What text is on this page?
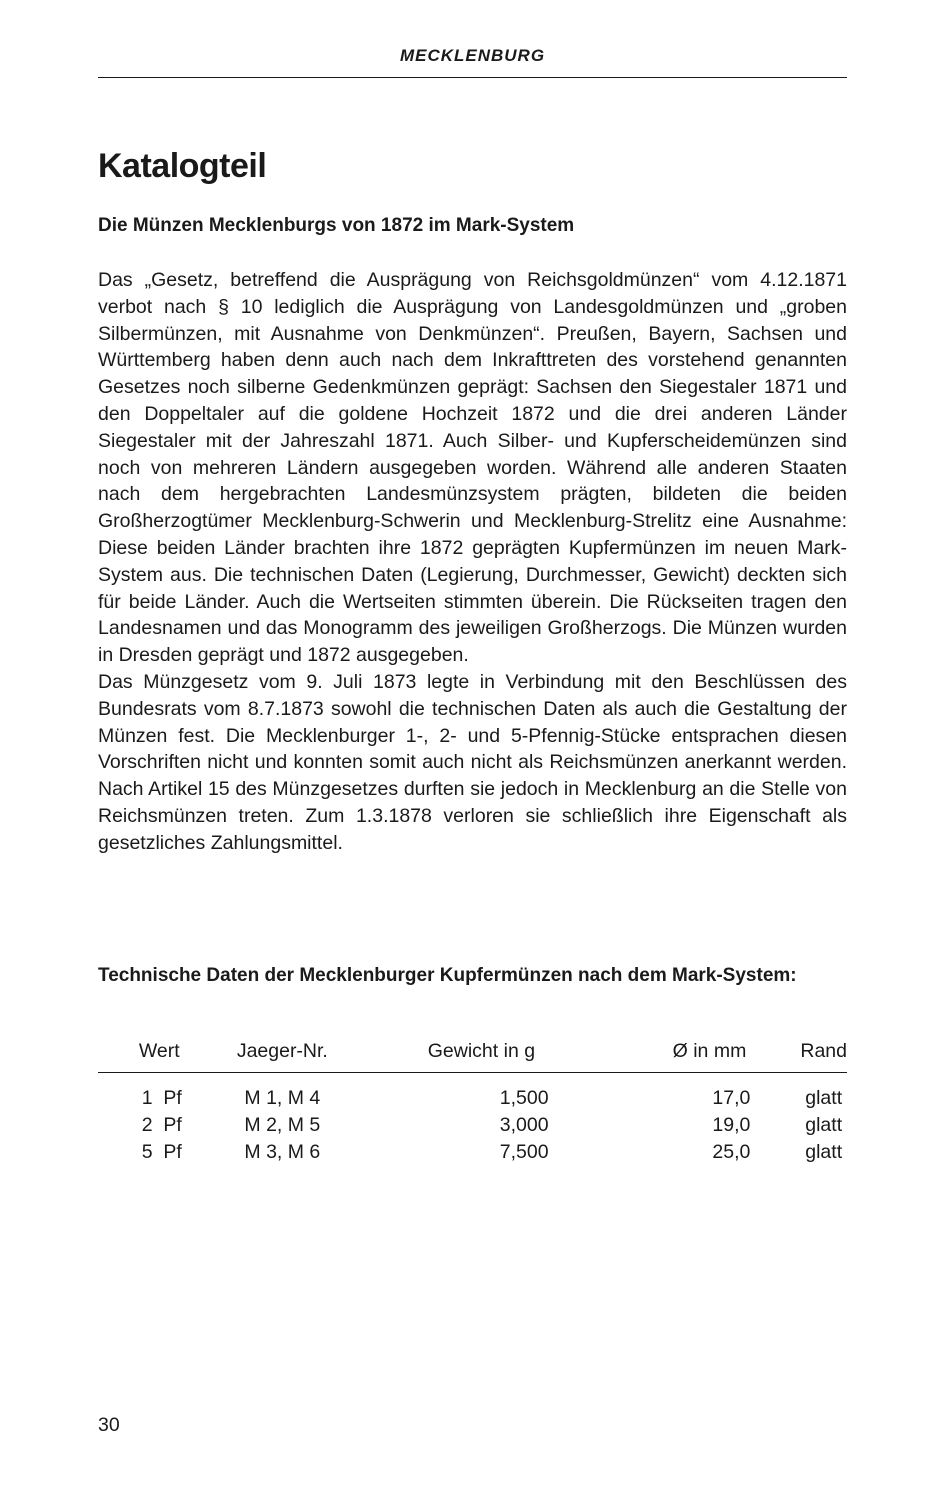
MECKLENBURG
Katalogteil
Die Münzen Mecklenburgs von 1872 im Mark-System

Das „Gesetz, betreffend die Ausprägung von Reichsgoldmünzen“ vom 4.12.1871 verbot nach § 10 lediglich die Ausprägung von Landesgoldmünzen und „groben Silbermünzen, mit Ausnahme von Denkmünzen“. Preußen, Bayern, Sachsen und Württemberg haben denn auch nach dem Inkrafttreten des vorstehend genannten Gesetzes noch silberne Gedenkmünzen geprägt: Sachsen den Siegestaler 1871 und den Doppeltaler auf die goldene Hochzeit 1872 und die drei anderen Länder Siegestaler mit der Jahreszahl 1871. Auch Silber- und Kupferscheidemünzen sind noch von mehreren Ländern ausgegeben worden. Während alle anderen Staaten nach dem hergebrachten Landesmünzsystem prägten, bildeten die beiden Großherzogtümer Mecklenburg-Schwerin und Mecklenburg-Strelitz eine Ausnahme: Diese beiden Länder brachten ihre 1872 geprägten Kupfermünzen im neuen Mark-System aus. Die technischen Daten (Legierung, Durchmesser, Gewicht) deckten sich für beide Länder. Auch die Wertseiten stimmten überein. Die Rückseiten tragen den Landesnamen und das Monogramm des jeweiligen Großherzogs. Die Münzen wurden in Dresden geprägt und 1872 ausgegeben.

Das Münzgesetz vom 9. Juli 1873 legte in Verbindung mit den Beschlüssen des Bundesrats vom 8.7.1873 sowohl die technischen Daten als auch die Gestaltung der Münzen fest. Die Mecklenburger 1-, 2- und 5-Pfennig-Stücke entsprachen diesen Vorschriften nicht und konnten somit auch nicht als Reichsmünzen anerkannt werden. Nach Artikel 15 des Münzgesetzes durften sie jedoch in Mecklenburg an die Stelle von Reichsmünzen treten. Zum 1.3.1878 verloren sie schließlich ihre Eigenschaft als gesetzliches Zahlungsmittel.

Technische Daten der Mecklenburger Kupfermünzen nach dem Mark-System:
Wert	Jaeger-Nr.	Gewicht in g	Ø in mm	Rand
1 Pf	M 1, M 4	1,500	17,0	glatt
2 Pf	M 2, M 5	3,000	19,0	glatt
5 Pf	M 3, M 6	7,500	25,0	glatt
30
